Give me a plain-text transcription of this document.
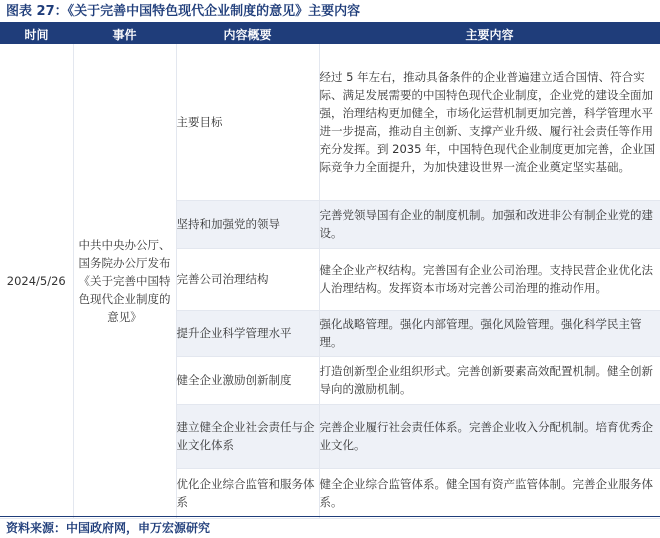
图表 27：《关于完善中国特色现代企业制度的意见》主要内容
时间	事件	内容概要	主要内容
2024/5/26	中共中央办公厅、国务院办公厅发布《关于完善中国特色现代企业制度的意见》	主要目标	经过 5 年左右，推动具备条件的企业普遍建立适合国情、符合实际、满足发展需要的中国特色现代企业制度，企业党的建设全面加强，治理结构更加健全，市场化运营机制更加完善，科学管理水平进一步提高，推动自主创新、支撑产业升级、履行社会责任等作用充分发挥。到 2035 年，中国特色现代企业制度更加完善，企业国际竞争力全面提升，为加快建设世界一流企业奠定坚实基础。
		坚持和加强党的领导	完善党领导国有企业的制度机制。加强和改进非公有制企业党的建设。
		完善公司治理结构	健全企业产权结构。完善国有企业公司治理。支持民营企业优化法人治理结构。发挥资本市场对完善公司治理的推动作用。
		提升企业科学管理水平	强化战略管理。强化内部管理。强化风险管理。强化科学民主管理。
		健全企业激励创新制度	打造创新型企业组织形式。完善创新要素高效配置机制。健全创新导向的激励机制。
		建立健全企业社会责任与企业文化体系	完善企业履行社会责任体系。完善企业收入分配机制。培育优秀企业文化。
		优化企业综合监管和服务体系	健全企业综合监管体系。健全国有资产监管体制。完善企业服务体系。
资料来源：中国政府网，申万宏源研究
